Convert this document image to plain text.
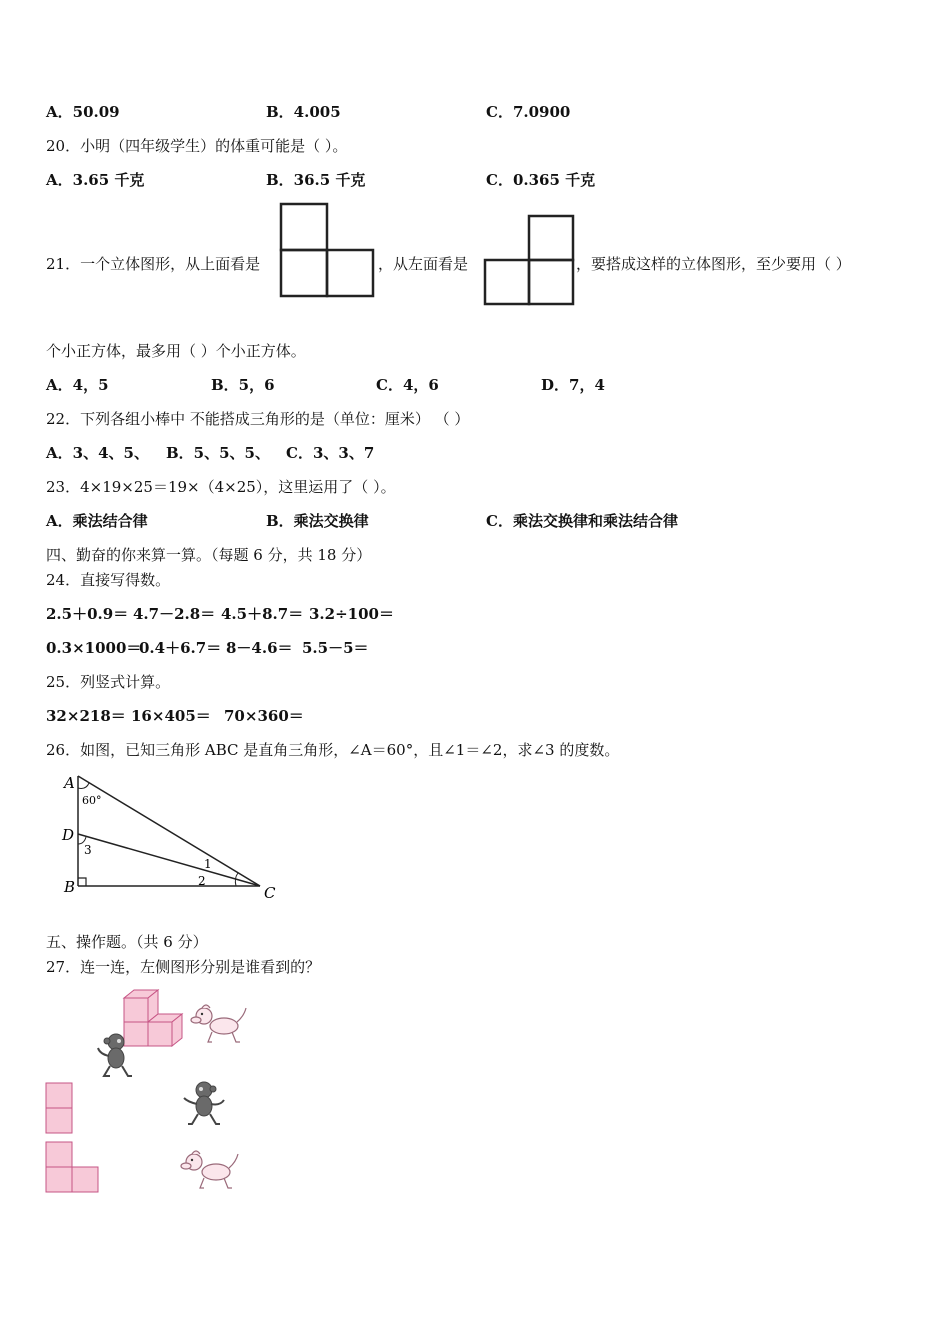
A．50.09	B．4.005	C．7.0900
20．小明（四年级学生）的体重可能是（ ）。
A．3.65 千克	B．36.5 千克	C．0.365 千克
21．一个立体图形，从上面看是	，从左面看是	，要搭成这样的立体图形，至少要用（ ）
个小正方体，最多用（ ）个小正方体。
A．4，5	B．5，6	C．4，6	D．7，4
22．下列各组小棒中 不能搭成三角形的是（单位：厘米） （ ）
A．3、4、5、 B．5、5、5、 C．3、3、7
23．4×19×25＝19×（4×25），这里运用了（ ）。
A．乘法结合律	B．乘法交换律	C．乘法交换律和乘法结合律
四、勤奋的你来算一算。（每题 6 分，共 18 分）
24．直接写得数。
2.5＋0.9＝ 4.7－2.8＝ 4.5＋8.7＝ 3.2÷100＝
0.3×1000＝
0.4＋6.7＝ 8－4.6＝ 5.5－5＝
25．列竖式计算。
32×218＝ 16×405＝ 70×360＝
26．如图，已知三角形 ABC 是直角三角形，∠A＝60°，且∠1＝∠2，求∠3 的度数。
A
60°
D
3
B
1
2
C
五、操作题。（共 6 分）
27．连一连，左侧图形分别是谁看到的？
